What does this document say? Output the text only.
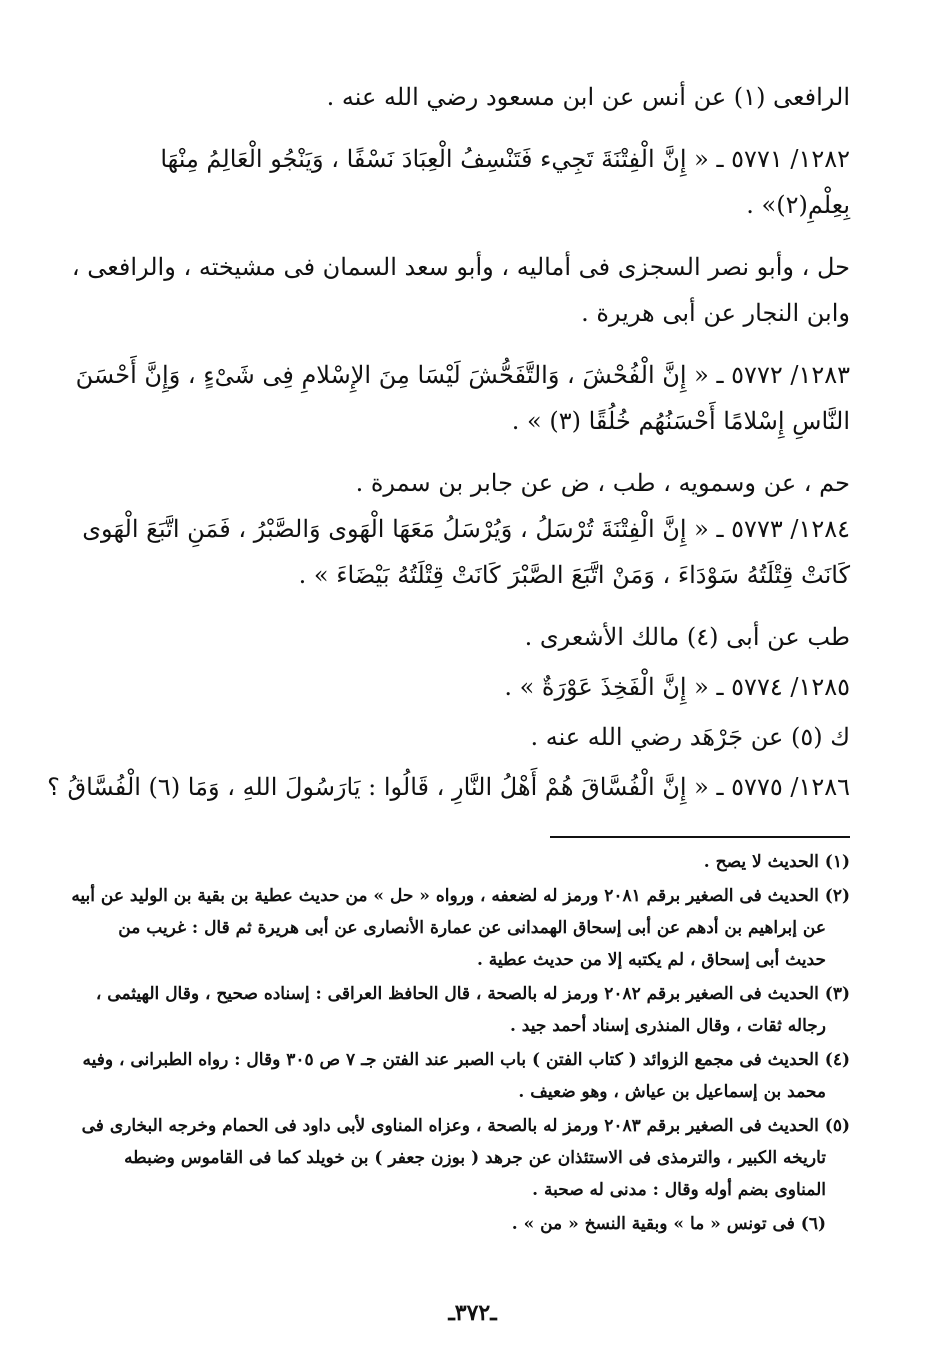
الرافعى (١) عن أنس عن ابن مسعود رضي الله عنه .
١٢٨٢/ ٥٧٧١ ـ « إِنَّ الْفِتْنَةَ تَجِيء فَتَنْسِفُ الْعِبَادَ نَسْفًا ، وَيَنْجُو الْعَالِمُ مِنْهَا
بِعِلْمِ(٢)» .
حل ، وأبو نصر السجزى فى أماليه ، وأبو سعد السمان فى مشيخته ، والرافعى ،
وابن النجار عن أبى هريرة .
١٢٨٣/ ٥٧٧٢ ـ « إِنَّ الْفُحْشَ ، وَالتَّفَحُّشَ لَيْسَا مِنَ الإِسْلامِ فِى شَىْءٍ ، وَإِنَّ أَحْسَنَ
النَّاسِ إِسْلامًا أَحْسَنُهُم خُلُقًا (٣) » .
حم ، عن وسمويه ، طب ، ض عن جابر بن سمرة .
١٢٨٤/ ٥٧٧٣ ـ « إِنَّ الْفِتْنَةَ تُرْسَلُ ، وَيُرْسَلُ مَعَهَا الْهَوى وَالصَّبْرُ ، فَمَنِ اتَّبَعَ الْهَوى
كَانَتْ قِتْلَتُهُ سَوْدَاءَ ، وَمَنْ اتَّبَعَ الصَّبْرَ كَانَتْ قِتْلَتُهُ بَيْضَاءَ » .
طب عن أبى (٤) مالك الأشعرى .
١٢٨٥/ ٥٧٧٤ ـ « إِنَّ الْفَخِذَ عَوْرَةٌ » .
ك (٥) عن جَرْهَد رضي الله عنه .
١٢٨٦/ ٥٧٧٥ ـ « إِنَّ الْفُسَّاقَ هُمْ أَهْلُ النَّارِ ، قَالُوا : يَارَسُولَ اللهِ ، وَمَا (٦) الْفُسَّاقُ ؟
(١) الحديث لا يصح .
(٢) الحديث فى الصغير برقم ٢٠٨١ ورمز له لضعفه ، ورواه « حل » من حديث عطية بن بقية بن الوليد عن أبيه
عن إبراهيم بن أدهم عن أبى إسحاق الهمدانى عن عمارة الأنصارى عن أبى هريرة ثم قال : غريب من
حديث أبى إسحاق ، لم يكتبه إلا من حديث عطية .
(٣) الحديث فى الصغير برقم ٢٠٨٢ ورمز له بالصحة ، قال الحافظ العراقى : إسناده صحيح ، وقال الهيثمى ،
رجاله ثقات ، وقال المنذرى إسناد أحمد جيد .
(٤) الحديث فى مجمع الزوائد ( كتاب الفتن ) باب الصبر عند الفتن جـ ٧ ص ٣٠٥ وقال : رواه الطبرانى ، وفيه
محمد بن إسماعيل بن عياش ، وهو ضعيف .
(٥) الحديث فى الصغير برقم ٢٠٨٣ ورمز له بالصحة ، وعزاه المناوى لأبى داود فى الحمام وخرجه البخارى فى
تاريخه الكبير ، والترمذى فى الاستئذان عن جرهد ( بوزن جعفر ) بن خويلد كما فى القاموس وضبطه
المناوى بضم أوله وقال : مدنى له صحبة .
(٦) فى تونس « ما » وبقية النسخ « من » .
ـ٣٧٢ـ
